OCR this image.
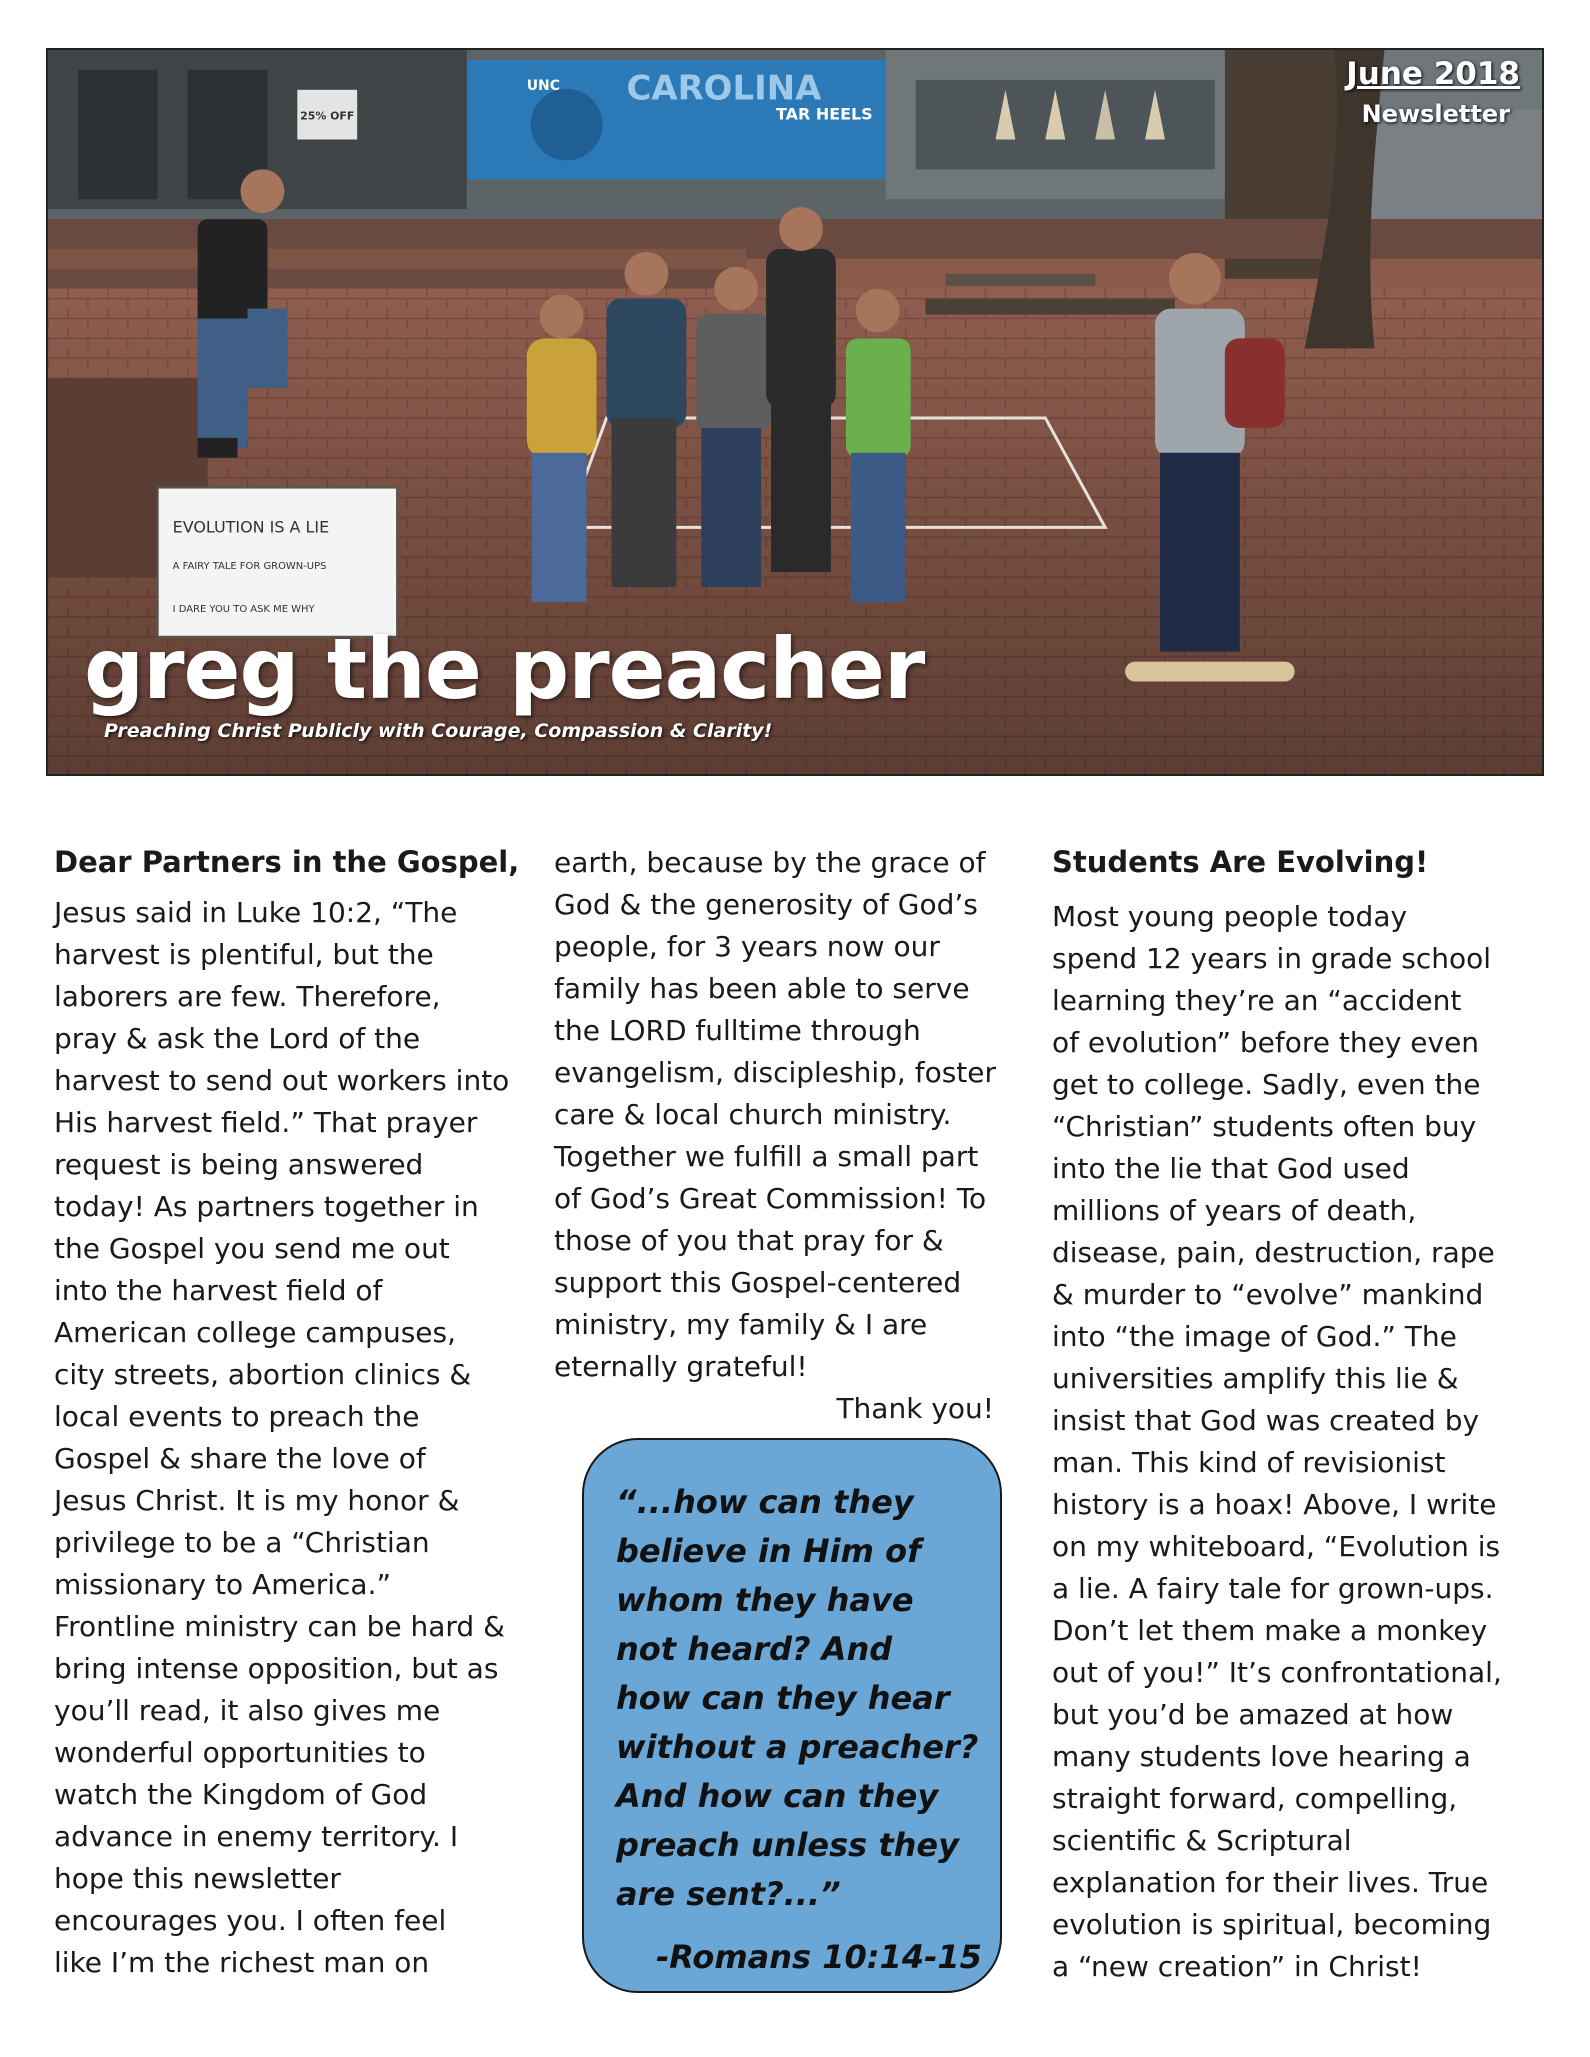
25% OFF
UNC CAROLINA
TAR HEELS
EVOLUTION IS A LIE
A FAIRY TALE FOR GROWN-UPS
I DARE YOU TO ASK ME WHY
June 2018
Newsletter
greg the preacher
Preaching Christ Publicly with Courage, Compassion & Clarity!
Dear Partners in the Gospel,

Jesus said in Luke 10:2, “The

harvest is plentiful, but the

laborers are few. Therefore,

pray & ask the Lord of the

harvest to send out workers into

His harvest field.” That prayer

request is being answered

today! As partners together in

the Gospel you send me out

into the harvest field of

American college campuses,

city streets, abortion clinics &

local events to preach the

Gospel & share the love of

Jesus Christ. It is my honor &

privilege to be a “Christian

missionary to America.”

Frontline ministry can be hard &

bring intense opposition, but as

you’ll read, it also gives me

wonderful opportunities to

watch the Kingdom of God

advance in enemy territory. I

hope this newsletter

encourages you. I often feel

like I’m the richest man on

earth, because by the grace of

God & the generosity of God’s

people, for 3 years now our

family has been able to serve

the LORD fulltime through

evangelism, discipleship, foster

care & local church ministry.

Together we fulfill a small part

of God’s Great Commission! To

those of you that pray for &

support this Gospel-centered

ministry, my family & I are

eternally grateful!

Thank you!

“...how can they
believe in Him of
whom they have
not heard? And
how can they hear
without a preacher?
And how can they
preach unless they
are sent?...”
-Romans 10:14-15
Students Are Evolving!

Most young people today

spend 12 years in grade school

learning they’re an “accident

of evolution” before they even

get to college. Sadly, even the

“Christian” students often buy

into the lie that God used

millions of years of death,

disease, pain, destruction, rape

& murder to “evolve” mankind

into “the image of God.” The

universities amplify this lie &

insist that God was created by

man. This kind of revisionist

history is a hoax! Above, I write

on my whiteboard, “Evolution is

a lie. A fairy tale for grown-ups.

Don’t let them make a monkey

out of you!” It’s confrontational,

but you’d be amazed at how

many students love hearing a

straight forward, compelling,

scientific & Scriptural

explanation for their lives. True

evolution is spiritual, becoming

a “new creation” in Christ!
